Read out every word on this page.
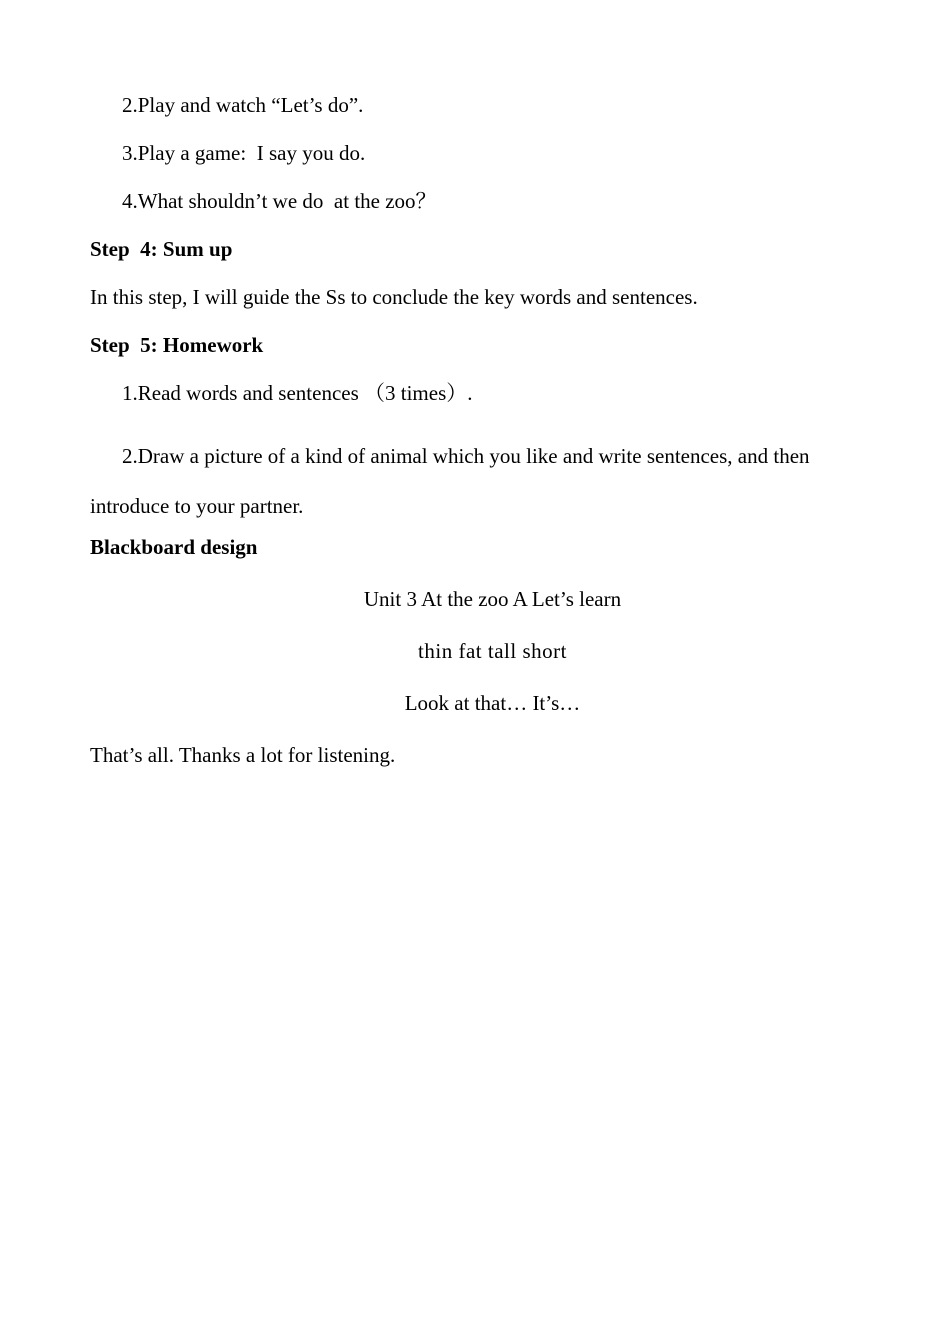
2.Play and watch “Let’s do”.
3.Play a game:  I say you do.
4.What shouldn’t we do  at the zoo？
Step  4: Sum up
In this step, I will guide the Ss to conclude the key words and sentences.
Step  5: Homework
1.Read words and sentences （3 times）.
2.Draw a picture of a kind of animal which you like and write sentences, and then introduce to your partner.
Blackboard design
Unit 3 At the zoo A Let’s learn
thin fat tall short
Look at that… It’s…
That’s all. Thanks a lot for listening.
